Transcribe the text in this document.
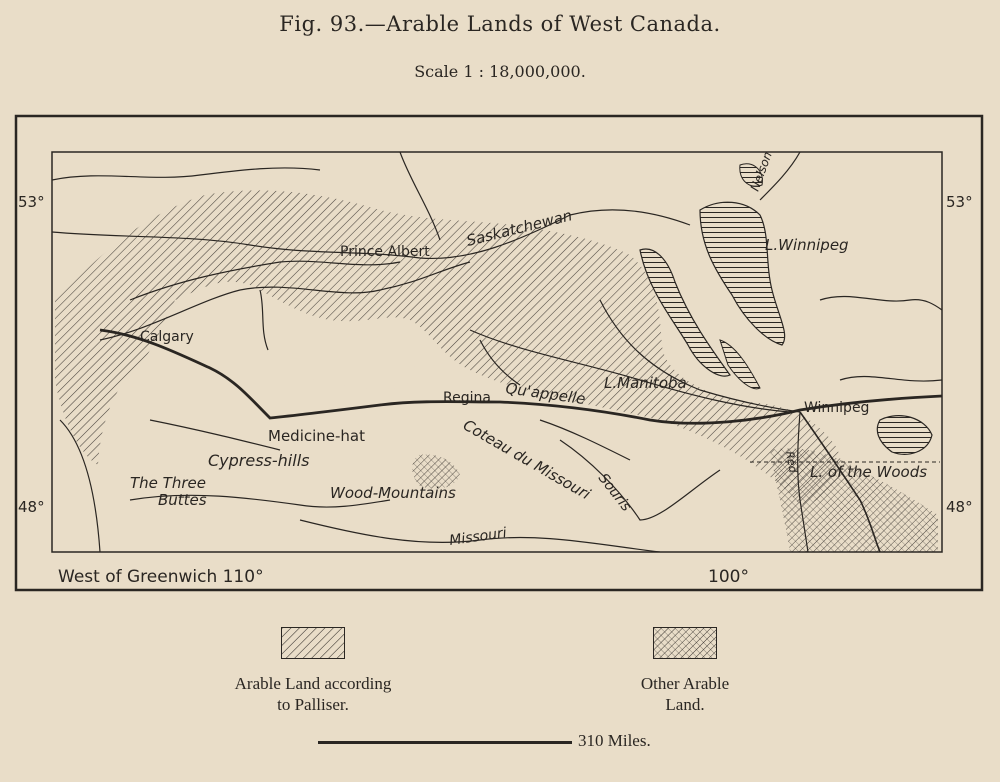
Fig. 93.—Arable Lands of West Canada.
Scale 1 : 18,000,000.
53°	53°
48°	48°
West of Greenwich 110°	100°
Calgary
Prince Albert
Saskatchewan	L.Winnipeg
Nelson
Regina Qu'appelle L.Manitoba
Winnipeg
Medicine-hat
Cypress-hills
The Three
Buttes	Wood-Mountains Coteau du Missouri Souris
Missouri
L. of the Woods
Red
Arable Land according
to Palliser.
Other Arable
Land.
310 Miles.
